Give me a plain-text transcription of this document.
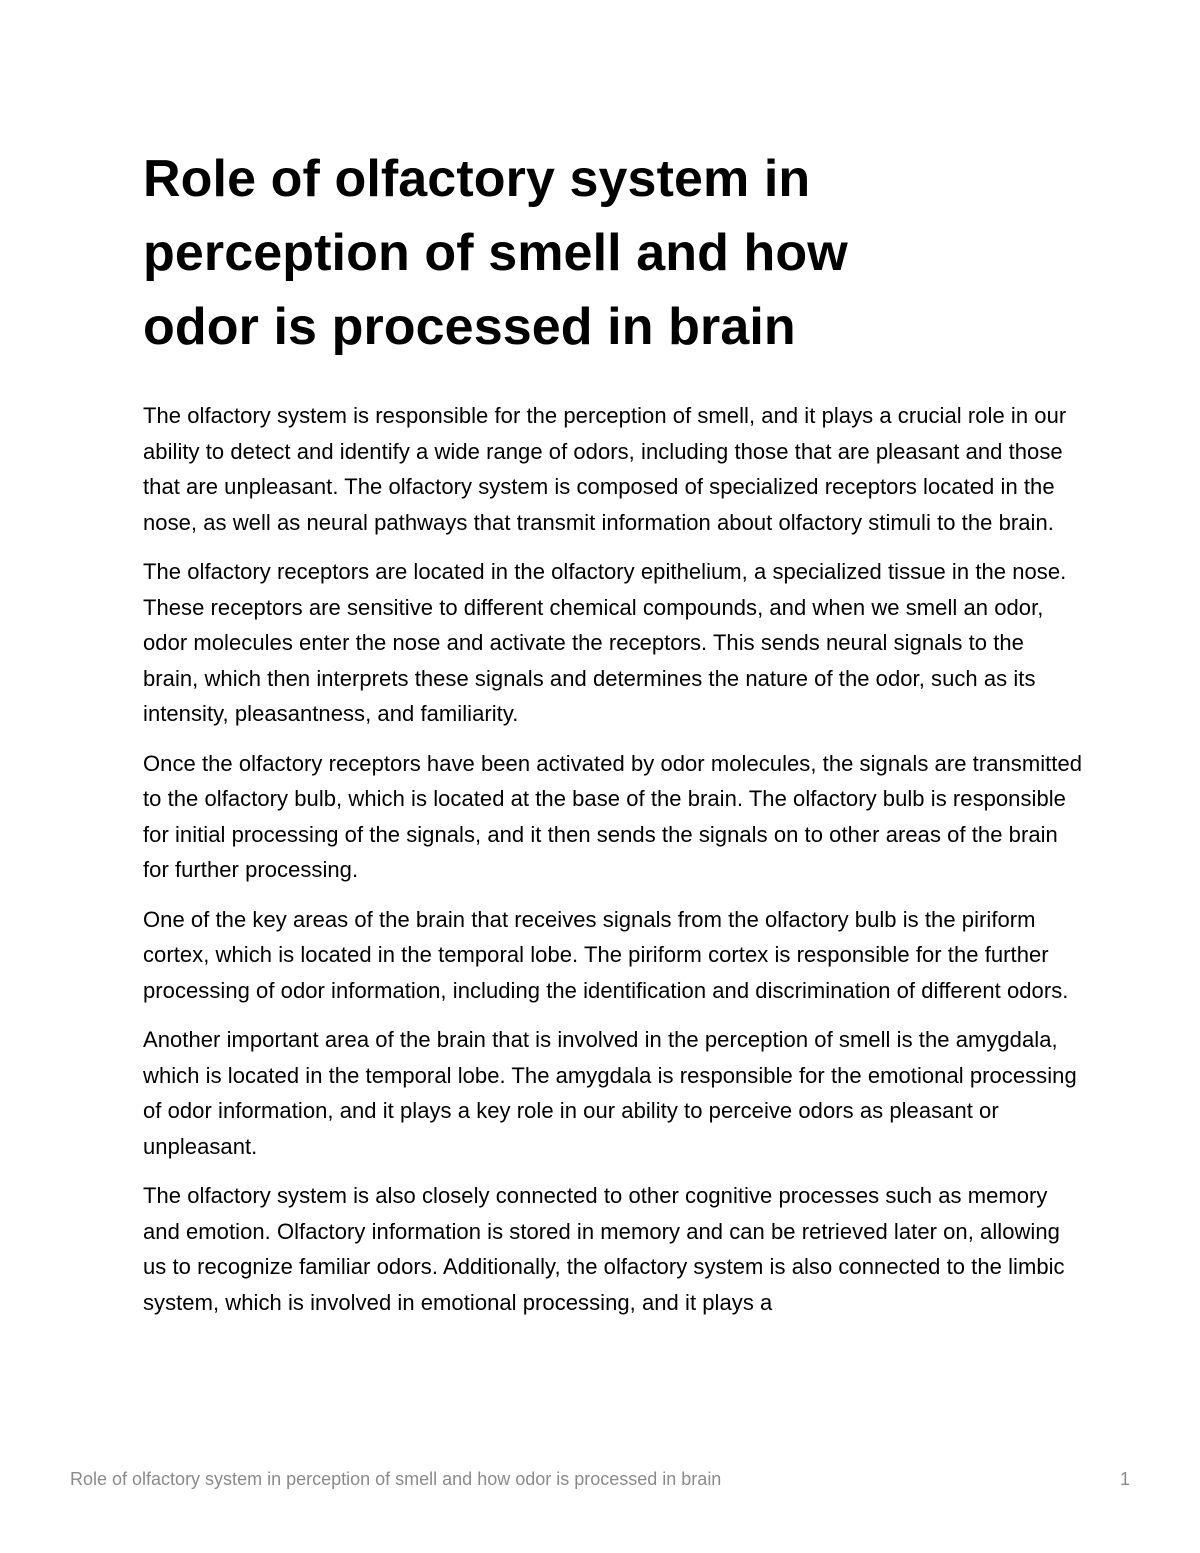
Role of olfactory system in perception of smell and how odor is processed in brain

The olfactory system is responsible for the perception of smell, and it plays a crucial role in our ability to detect and identify a wide range of odors, including those that are pleasant and those that are unpleasant. The olfactory system is composed of specialized receptors located in the nose, as well as neural pathways that transmit information about olfactory stimuli to the brain.

The olfactory receptors are located in the olfactory epithelium, a specialized tissue in the nose. These receptors are sensitive to different chemical compounds, and when we smell an odor, odor molecules enter the nose and activate the receptors. This sends neural signals to the brain, which then interprets these signals and determines the nature of the odor, such as its intensity, pleasantness, and familiarity.

Once the olfactory receptors have been activated by odor molecules, the signals are transmitted to the olfactory bulb, which is located at the base of the brain. The olfactory bulb is responsible for initial processing of the signals, and it then sends the signals on to other areas of the brain for further processing.

One of the key areas of the brain that receives signals from the olfactory bulb is the piriform cortex, which is located in the temporal lobe. The piriform cortex is responsible for the further processing of odor information, including the identification and discrimination of different odors.

Another important area of the brain that is involved in the perception of smell is the amygdala, which is located in the temporal lobe. The amygdala is responsible for the emotional processing of odor information, and it plays a key role in our ability to perceive odors as pleasant or unpleasant.

The olfactory system is also closely connected to other cognitive processes such as memory and emotion. Olfactory information is stored in memory and can be retrieved later on, allowing us to recognize familiar odors. Additionally, the olfactory system is also connected to the limbic system, which is involved in emotional processing, and it plays a

Role of olfactory system in perception of smell and how odor is processed in brain	1
